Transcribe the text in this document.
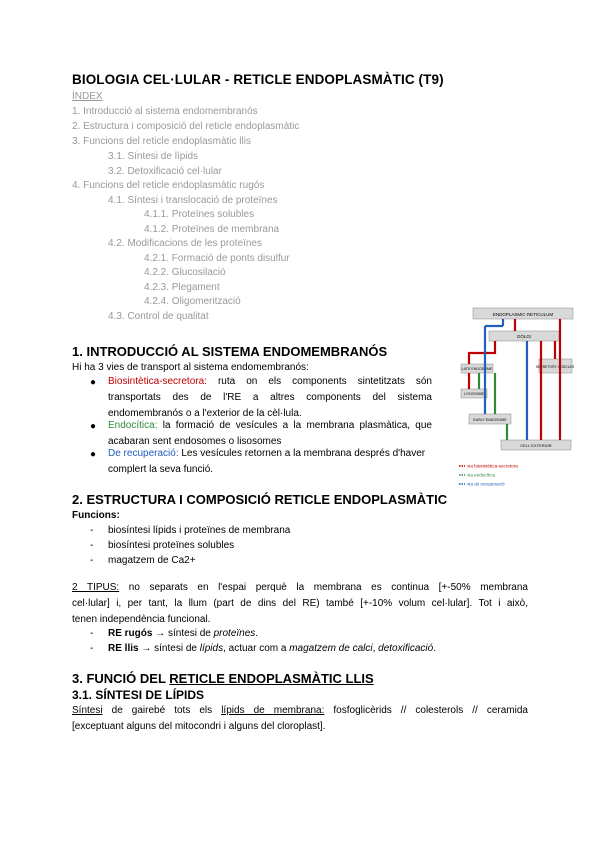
BIOLOGIA CEL·LULAR - RETICLE ENDOPLASMÀTIC (T9)
ÍNDEX
1. Introducció al sistema endomembranós
2. Estructura i composició del reticle endoplasmàtic
3. Funcions del reticle endoplasmàtic llis
3.1. Síntesi de lípids
3.2. Detoxificació cel·lular
4. Funcions del reticle endoplasmàtic rugós
4.1. Síntesi i translocació de proteïnes
4.1.1. Proteïnes solubles
4.1.2. Proteïnes de membrana
4.2. Modificacions de les proteïnes
4.2.1. Formació de ponts disulfur
4.2.2. Glucosilació
4.2.3. Plegament
4.2.4. Oligomerització
4.3. Control de qualitat
1. INTRODUCCIÓ AL SISTEMA ENDOMEMBRANÓS
Hi ha 3 vies de transport al sistema endomembranós:
● Biosintètica-secretora: ruta on els components sintetitzats són
transportats des de l'RE a altres components del sistema
endomembranós o a l'exterior de la cèl·lula.
● Endocítica: la formació de vesícules a la membrana plasmàtica, que
acabaran sent endosomes o lisosomes
● De recuperació: Les vesícules retornen a la membrana després d'haver
complert la seva funció.
ENDOPLASMIC RETICULUM
GOLGI
LATE ENDOSOME	SECRETORY VESICLES
LYSOSOME
EARLY ENDOSOME
CELL EXTERIOR
via biosintètica-secretora
via endocítica
via de recuperació
2. ESTRUCTURA I COMPOSICIÓ RETICLE ENDOPLASMÀTIC
Funcions:
- biosíntesi lípids i proteïnes de membrana
- biosíntesi proteïnes solubles
- magatzem de Ca2+
2 TIPUS: no separats en l'espai perquè la membrana es continua [+-50% membrana
cel·lular] i, per tant, la llum (part de dins del RE) també [+-10% volum cel·lular]. Tot i això,
tenen independència funcional.
- RE rugós → síntesi de proteïnes.
- RE llis → síntesi de lípids, actuar com a magatzem de calci, detoxificació.
3. FUNCIÓ DEL RETICLE ENDOPLASMÀTIC LLIS
3.1. SÍNTESI DE LÍPIDS
Síntesi de gairebé tots els lípids de membrana: fosfoglicèrids // colesterols // ceramida
[exceptuant alguns del mitocondri i alguns del cloroplast].
